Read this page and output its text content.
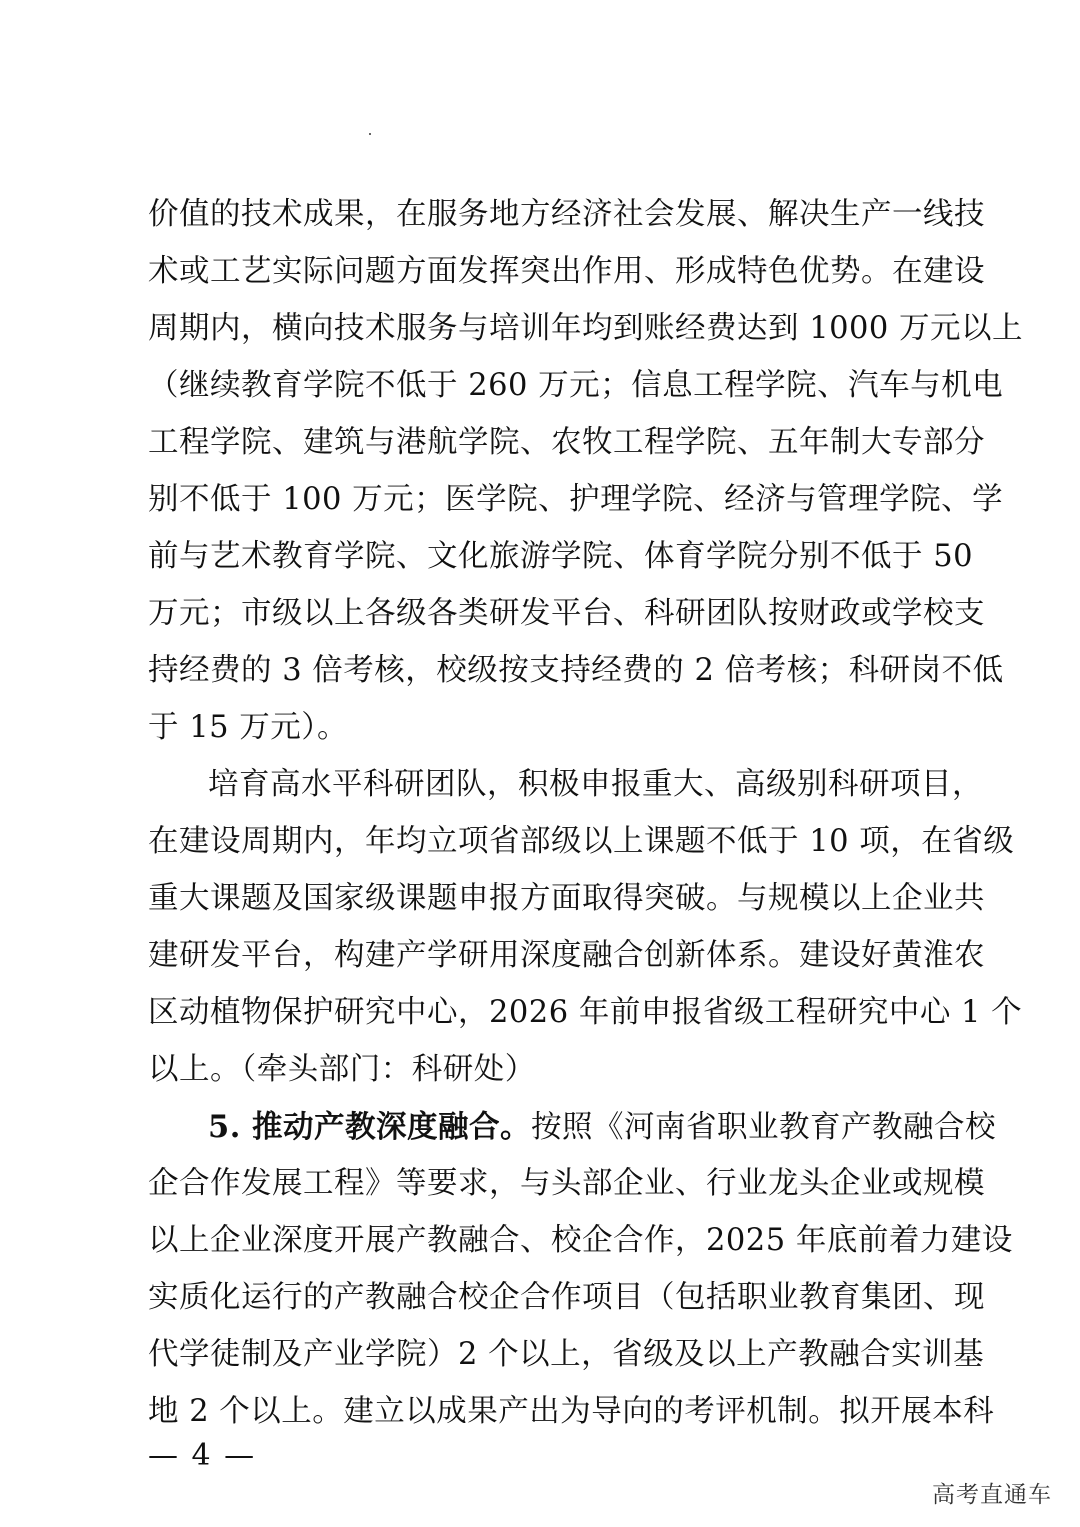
价值的技术成果，在服务地方经济社会发展、解决生产一线技
术或工艺实际问题方面发挥突出作用、形成特色优势。在建设
周期内，横向技术服务与培训年均到账经费达到 1000 万元以上
（继续教育学院不低于 260 万元；信息工程学院、汽车与机电
工程学院、建筑与港航学院、农牧工程学院、五年制大专部分
别不低于 100 万元；医学院、护理学院、经济与管理学院、学
前与艺术教育学院、文化旅游学院、体育学院分别不低于 50
万元；市级以上各级各类研发平台、科研团队按财政或学校支
持经费的 3 倍考核，校级按支持经费的 2 倍考核；科研岗不低
于 15 万元）。
培育高水平科研团队，积极申报重大、高级别科研项目，
在建设周期内，年均立项省部级以上课题不低于 10 项，在省级
重大课题及国家级课题申报方面取得突破。与规模以上企业共
建研发平台，构建产学研用深度融合创新体系。建设好黄淮农
区动植物保护研究中心，2026 年前申报省级工程研究中心 1 个
以上。（牵头部门：科研处）
5. 推动产教深度融合。按照《河南省职业教育产教融合校
企合作发展工程》等要求，与头部企业、行业龙头企业或规模
以上企业深度开展产教融合、校企合作，2025 年底前着力建设
实质化运行的产教融合校企合作项目（包括职业教育集团、现
代学徒制及产业学院）2 个以上，省级及以上产教融合实训基
地 2 个以上。建立以成果产出为导向的考评机制。拟开展本科
— 4 —
高考直通车
